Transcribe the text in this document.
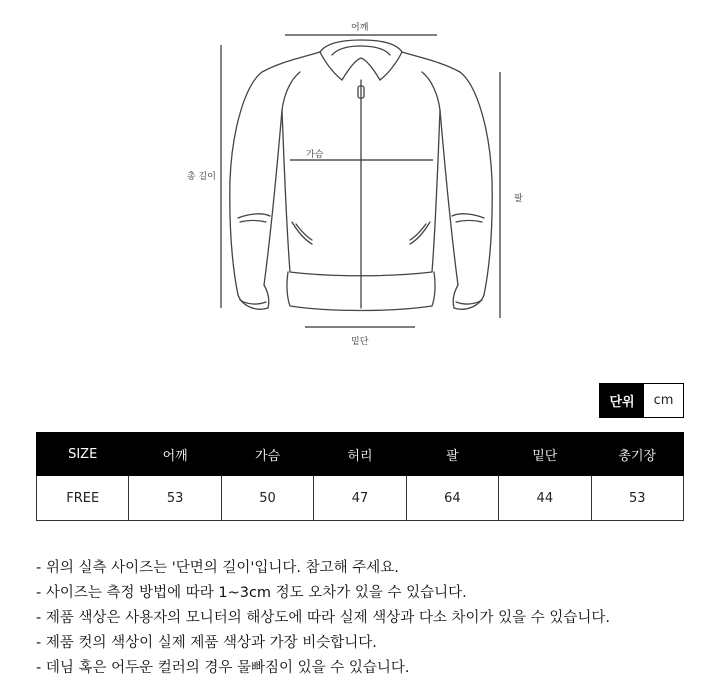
어깨
가슴
총 길이
팔
밑단
단위	cm
SIZE	어깨	가슴	허리	팔	밑단	총기장
FREE	53	50	47	64	44	53
- 위의 실측 사이즈는 '단면의 길이'입니다. 참고해 주세요.
- 사이즈는 측정 방법에 따라 1~3cm 정도 오차가 있을 수 있습니다.
- 제품 색상은 사용자의 모니터의 해상도에 따라 실제 색상과 다소 차이가 있을 수 있습니다.
- 제품 컷의 색상이 실제 제품 색상과 가장 비슷합니다.
- 데님 혹은 어두운 컬러의 경우 물빠짐이 있을 수 있습니다.
